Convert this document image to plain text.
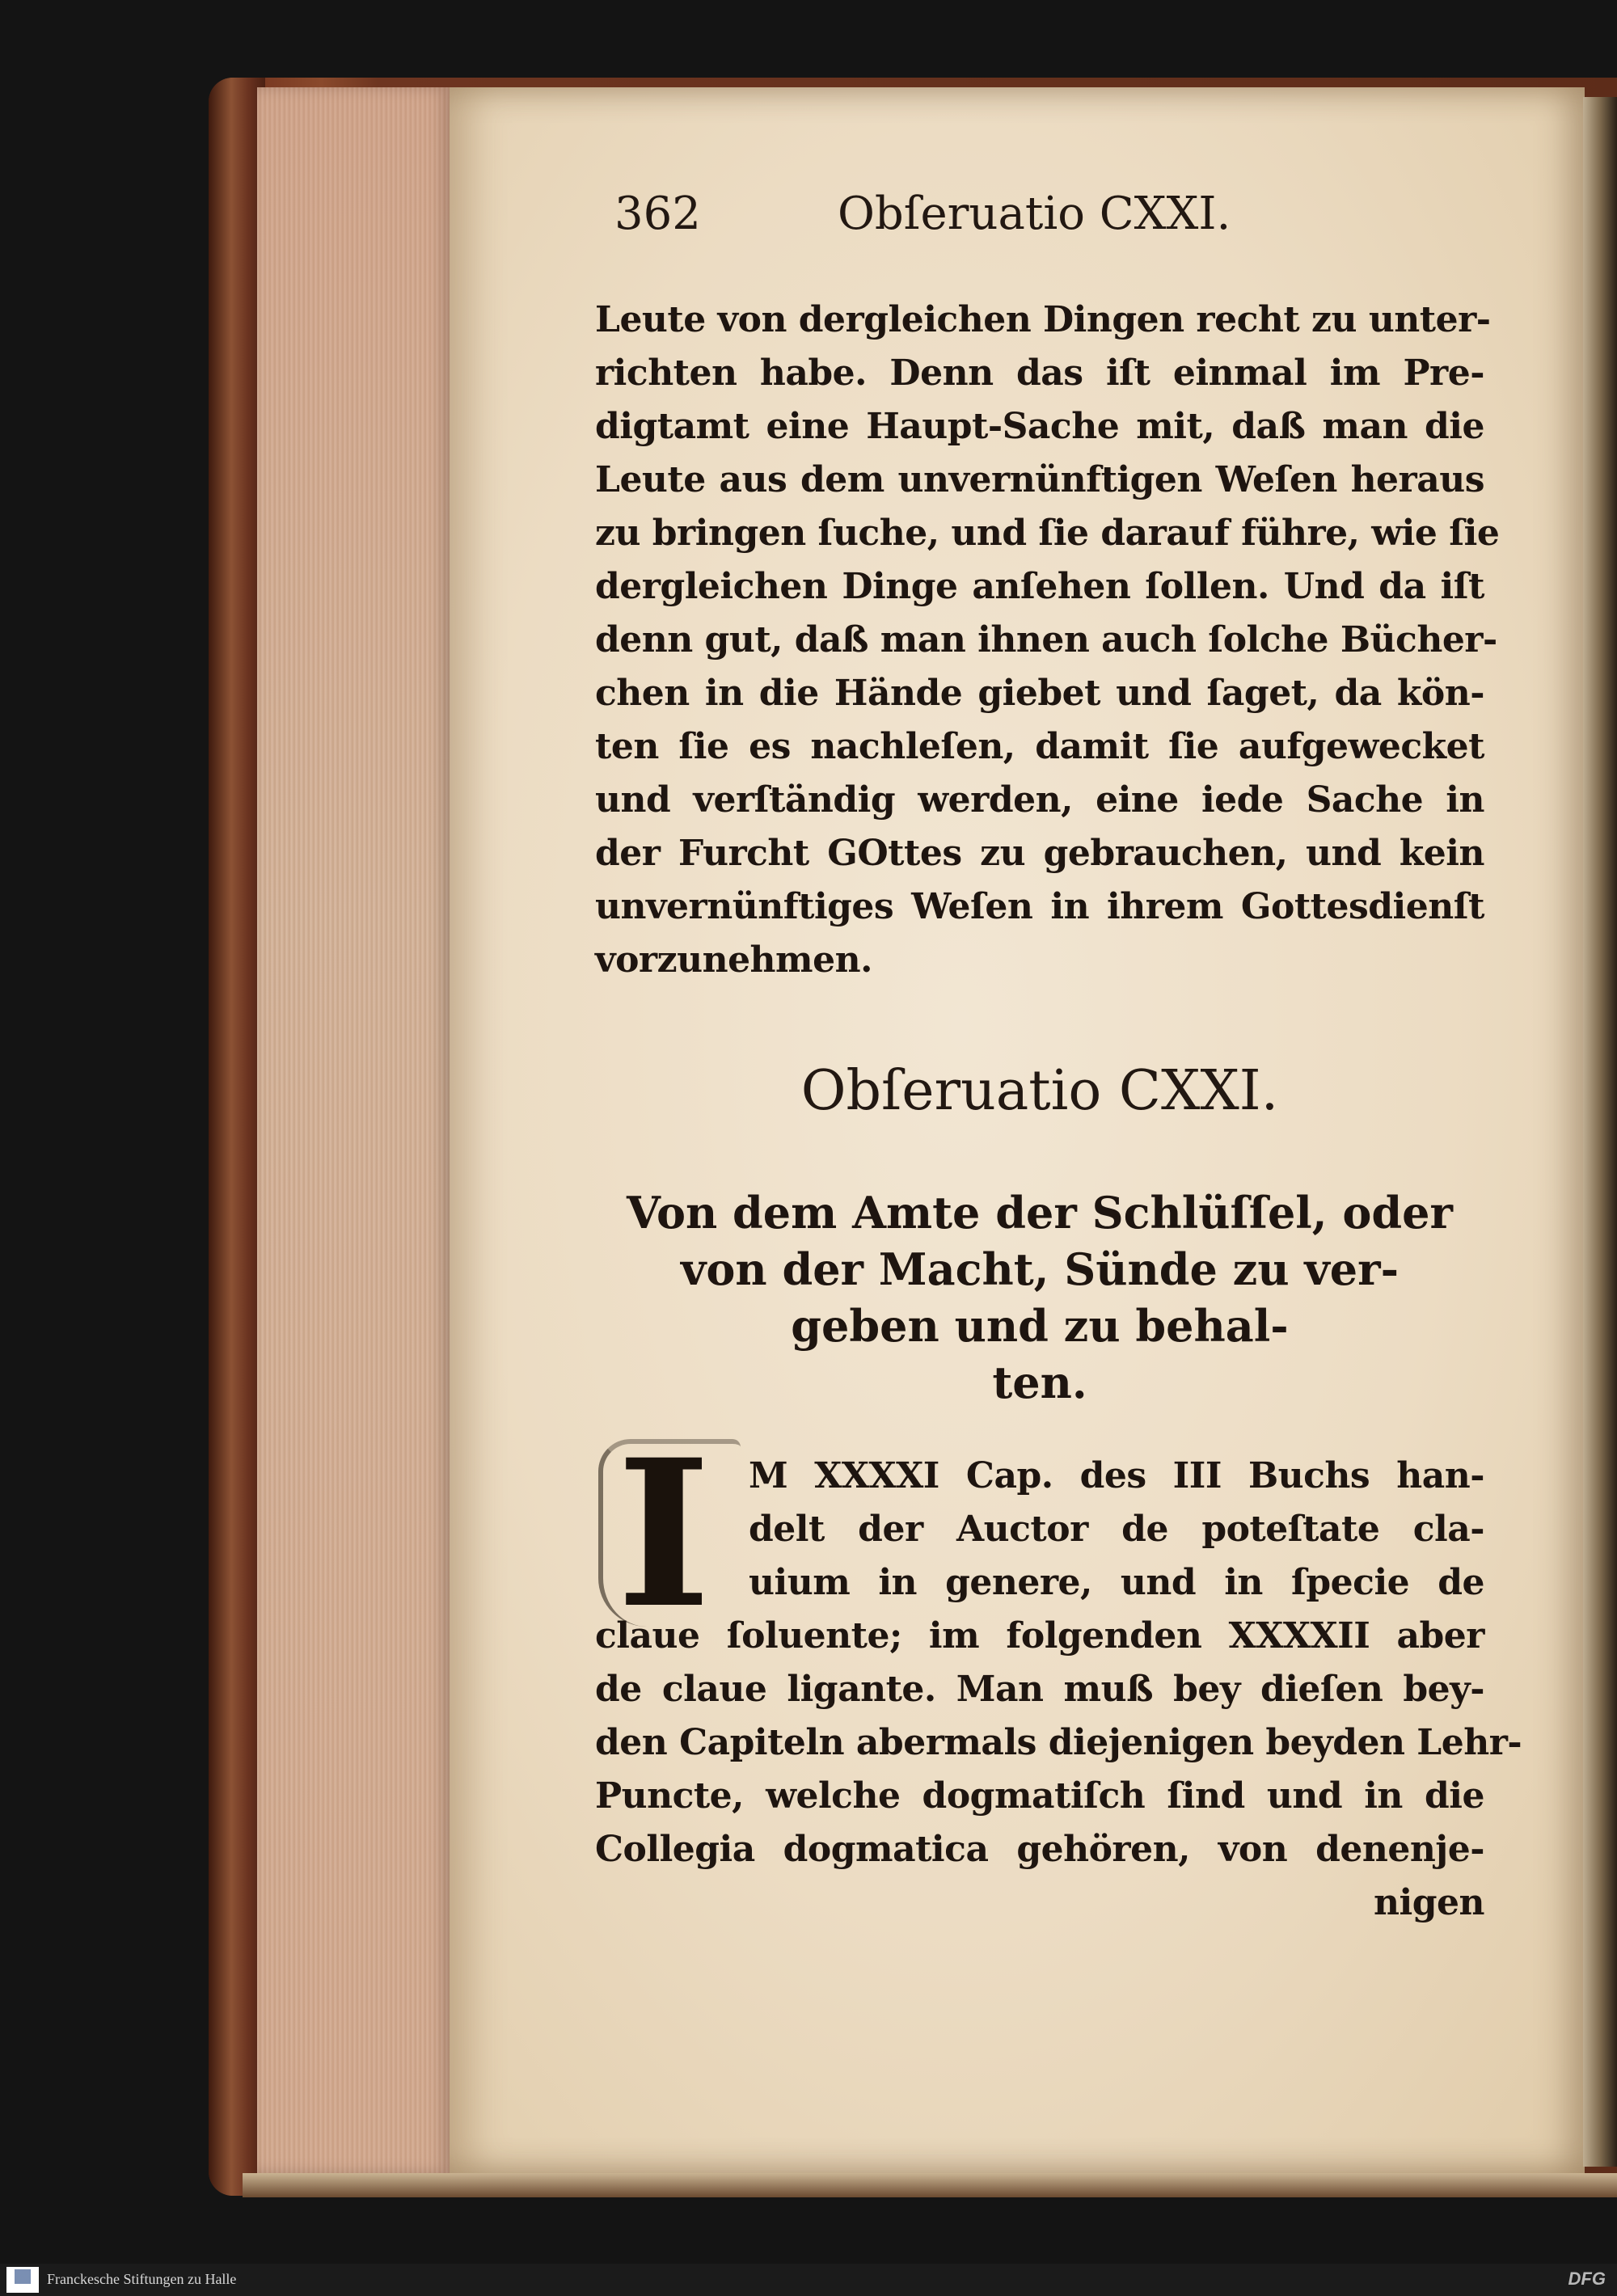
362	Obſeruatio CXXI.
Leute von dergleichen Dingen recht zu unter-
richten habe. Denn das iſt einmal im Pre-
digtamt eine Haupt-Sache mit, daß man die
Leute aus dem unvernünftigen Weſen heraus
zu bringen ſuche, und ſie darauf führe, wie ſie
dergleichen Dinge anſehen ſollen. Und da iſt
denn gut, daß man ihnen auch ſolche Bücher-
chen in die Hände giebet und ſaget, da kön-
ten ſie es nachleſen, damit ſie aufgewecket
und verſtändig werden, eine iede Sache in
der Furcht GOttes zu gebrauchen, und kein
unvernünftiges Weſen in ihrem Gottesdienſt
vorzunehmen.
Obſeruatio CXXI.
Von dem Amte der Schlüſſel, oder
von der Macht, Sünde zu ver-
geben und zu behal-
ten.
I	M XXXXI Cap. des III Buchs han-
delt der Auctor de poteſtate cla-
uium in genere, und in ſpecie de
claue ſoluente; im folgenden XXXXII aber
de claue ligante. Man muß bey dieſen bey-
den Capiteln abermals diejenigen beyden Lehr-
Puncte, welche dogmatiſch ſind und in die
Collegia dogmatica gehören, von denenje-
nigen
Franckesche Stiftungen zu Halle	DFG
